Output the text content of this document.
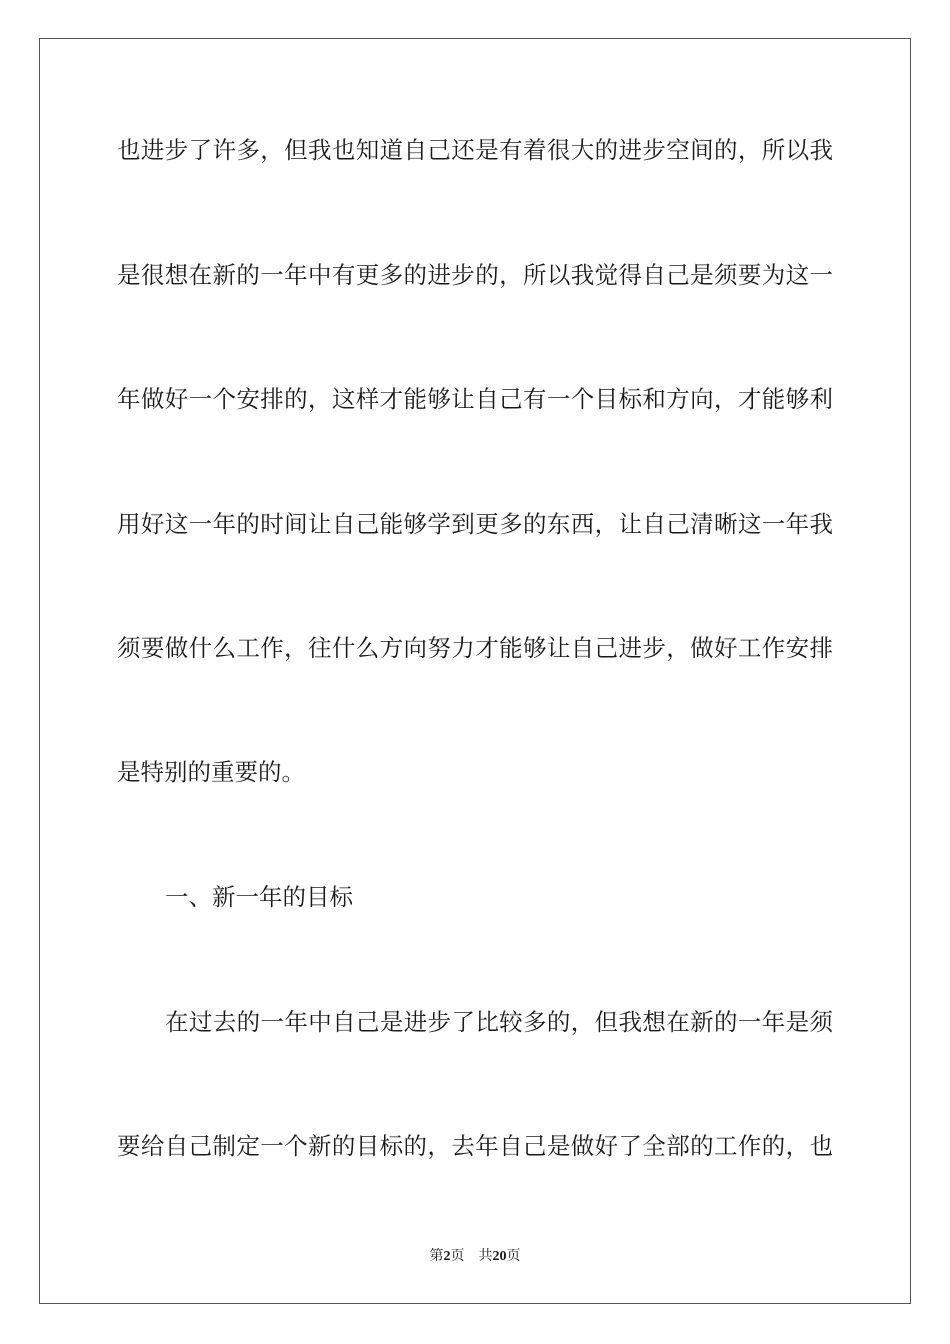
也进步了许多，但我也知道自己还是有着很大的进步空间的，所以我
是很想在新的一年中有更多的进步的，所以我觉得自己是须要为这一
年做好一个安排的，这样才能够让自己有一个目标和方向，才能够利
用好这一年的时间让自己能够学到更多的东西，让自己清晰这一年我
须要做什么工作，往什么方向努力才能够让自己进步，做好工作安排
是特别的重要的。
一、新一年的目标
在过去的一年中自己是进步了比较多的，但我想在新的一年是须
要给自己制定一个新的目标的，去年自己是做好了全部的工作的，也
第2页 共20页
